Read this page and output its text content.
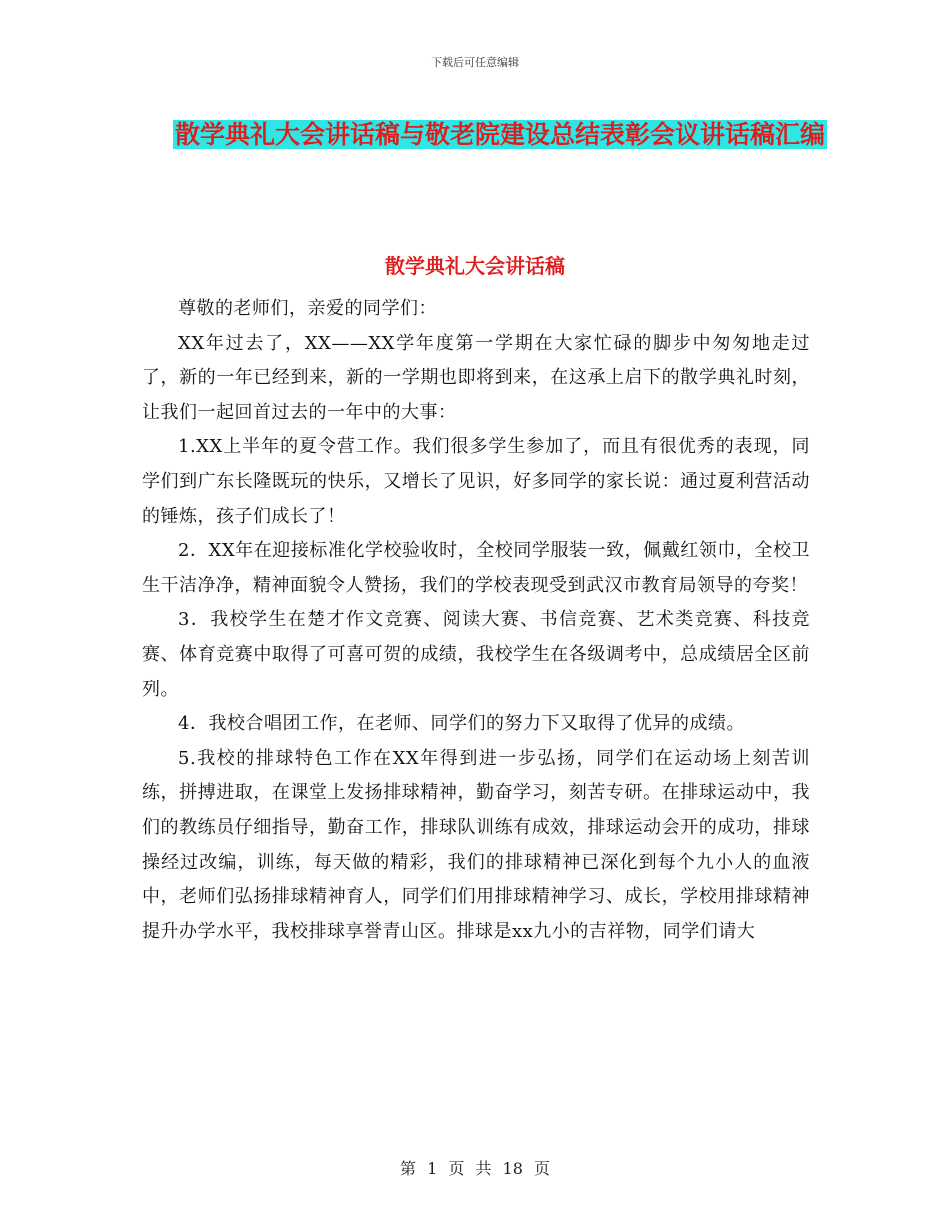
下载后可任意编辑
散学典礼大会讲话稿与敬老院建设总结表彰会议讲话稿汇编
散学典礼大会讲话稿

尊敬的老师们，亲爱的同学们：

XX年过去了，XX——XX学年度第一学期在大家忙碌的脚步中匆匆地走过了，新的一年已经到来，新的一学期也即将到来，在这承上启下的散学典礼时刻，让我们一起回首过去的一年中的大事：

1.XX上半年的夏令营工作。我们很多学生参加了，而且有很优秀的表现，同学们到广东长隆既玩的快乐，又增长了见识，好多同学的家长说：通过夏利营活动的锤炼，孩子们成长了！

2．XX年在迎接标准化学校验收时，全校同学服装一致，佩戴红领巾，全校卫生干洁净净，精神面貌令人赞扬，我们的学校表现受到武汉市教育局领导的夸奖！

3．我校学生在楚才作文竞赛、阅读大赛、书信竞赛、艺术类竞赛、科技竞赛、体育竞赛中取得了可喜可贺的成绩，我校学生在各级调考中，总成绩居全区前列。

4．我校合唱团工作，在老师、同学们的努力下又取得了优异的成绩。

5.我校的排球特色工作在XX年得到进一步弘扬，同学们在运动场上刻苦训练，拼搏进取，在课堂上发扬排球精神，勤奋学习，刻苦专研。在排球运动中，我们的教练员仔细指导，勤奋工作，排球队训练有成效，排球运动会开的成功，排球操经过改编，训练，每天做的精彩，我们的排球精神已深化到每个九小人的血液中，老师们弘扬排球精神育人，同学们们用排球精神学习、成长，学校用排球精神提升办学水平，我校排球享誉青山区。排球是xx九小的吉祥物，同学们请大

第 1 页 共 18 页
